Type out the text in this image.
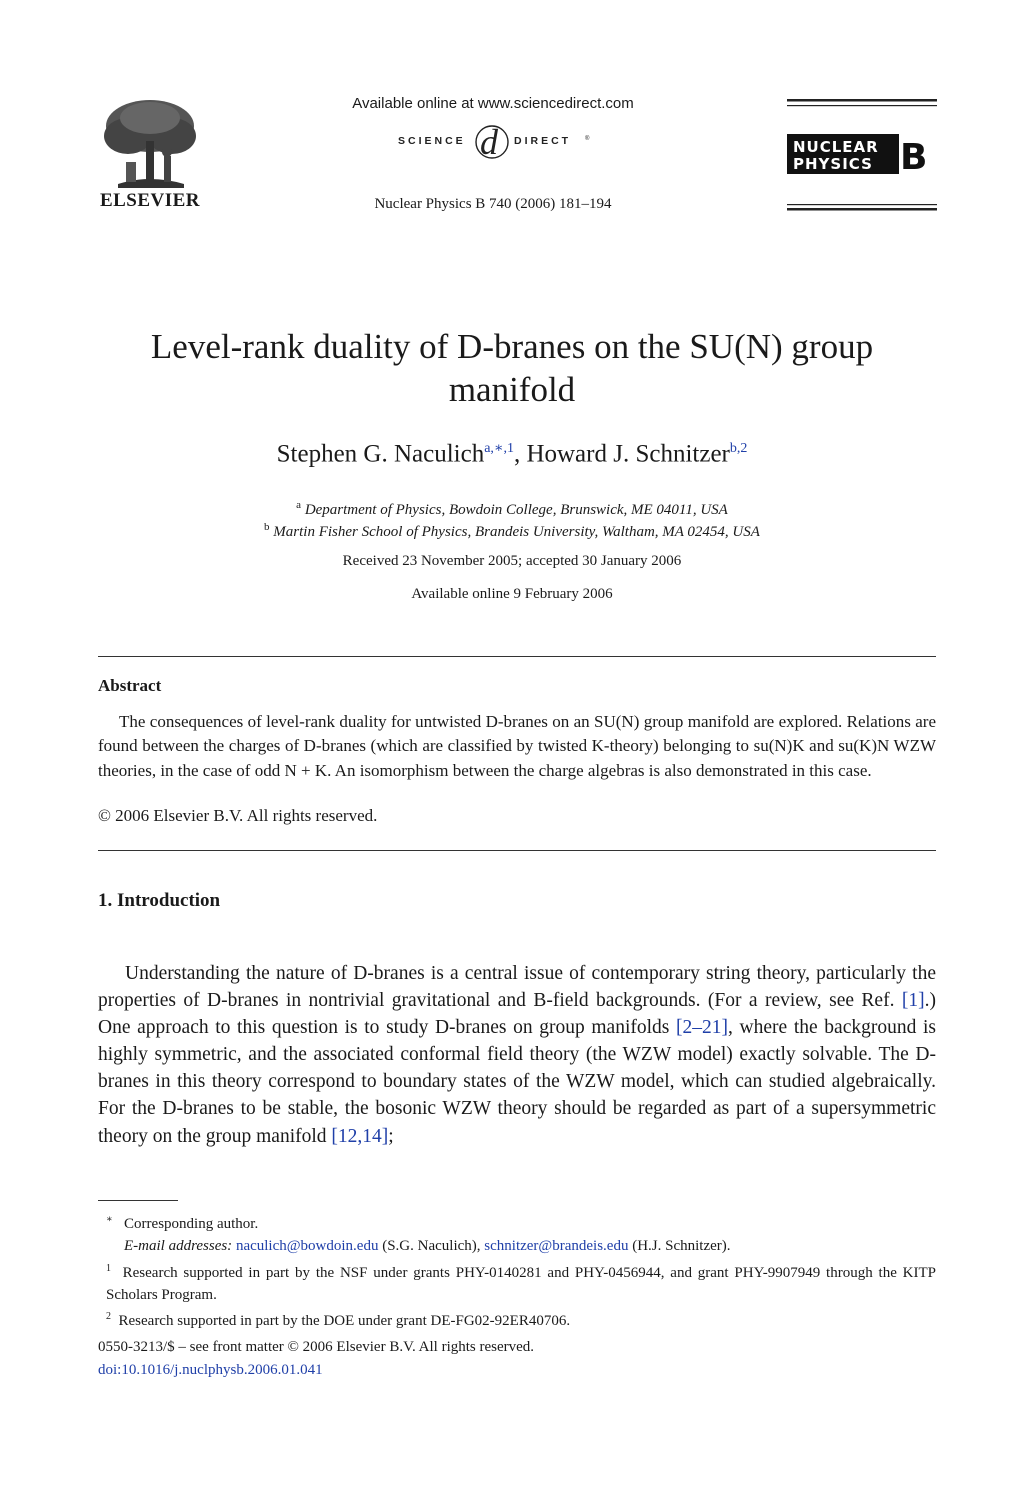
ELSEVIER
Available online at www.sciencedirect.com
SCIENCE d DIRECT ®
Nuclear Physics B 740 (2006) 181–194
NUCLEAR
PHYSICS B
Level-rank duality of D-branes on the SU(N) group
manifold
Stephen G. Naculich$^{a,∗,1}$, Howard J. Schnitzer$^{b,2}$
$^a$ Department of Physics, Bowdoin College, Brunswick, ME 04011, USA
$^b$ Martin Fisher School of Physics, Brandeis University, Waltham, MA 02454, USA
Received 23 November 2005; accepted 30 January 2006
Available online 9 February 2006
Abstract
The consequences of level-rank duality for untwisted D-branes on an SU(N) group manifold are explored. Relations are found between the charges of D-branes (which are classified by twisted K-theory) belonging to su(N)K and su(K)N WZW theories, in the case of odd N + K. An isomorphism between the charge algebras is also demonstrated in this case.
© 2006 Elsevier B.V. All rights reserved.
1. Introduction
Understanding the nature of D-branes is a central issue of contemporary string theory, particularly the properties of D-branes in nontrivial gravitational and B-field backgrounds. (For a review, see Ref. [1].) One approach to this question is to study D-branes on group manifolds [2–21], where the background is highly symmetric, and the associated conformal field theory (the WZW model) exactly solvable. The D-branes in this theory correspond to boundary states of the WZW model, which can studied algebraically. For the D-branes to be stable, the bosonic WZW theory should be regarded as part of a supersymmetric theory on the group manifold [12,14];
∗ Corresponding author.
E-mail addresses: naculich@bowdoin.edu (S.G. Naculich), schnitzer@brandeis.edu (H.J. Schnitzer).
$^1$ Research supported in part by the NSF under grants PHY-0140281 and PHY-0456944, and grant PHY-9907949 through the KITP Scholars Program.
$^2$ Research supported in part by the DOE under grant DE-FG02-92ER40706.
0550-3213/$ – see front matter © 2006 Elsevier B.V. All rights reserved.
doi:10.1016/j.nuclphysb.2006.01.041
